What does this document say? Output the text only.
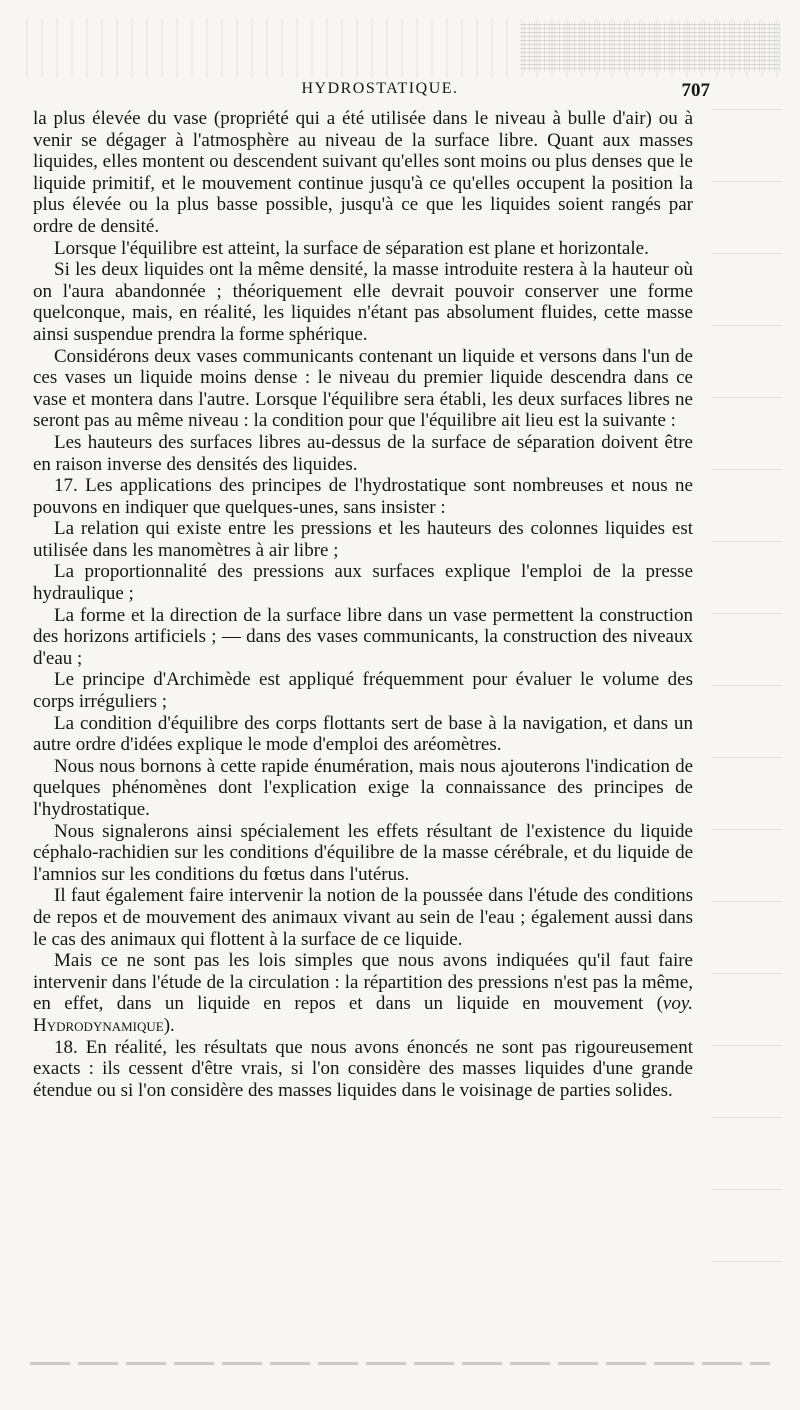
HYDROSTATIQUE.	707

la plus élevée du vase (propriété qui a été utilisée dans le niveau à bulle d'air) ou à venir se dégager à l'atmosphère au niveau de la surface libre. Quant aux masses liquides, elles montent ou descendent suivant qu'elles sont moins ou plus denses que le liquide primitif, et le mouvement continue jusqu'à ce qu'elles occupent la position la plus élevée ou la plus basse possible, jusqu'à ce que les liquides soient rangés par ordre de densité.

Lorsque l'équilibre est atteint, la surface de séparation est plane et horizontale.

Si les deux liquides ont la même densité, la masse introduite restera à la hauteur où on l'aura abandonnée ; théoriquement elle devrait pouvoir conserver une forme quelconque, mais, en réalité, les liquides n'étant pas absolument fluides, cette masse ainsi suspendue prendra la forme sphérique.

Considérons deux vases communicants contenant un liquide et versons dans l'un de ces vases un liquide moins dense : le niveau du premier liquide descendra dans ce vase et montera dans l'autre. Lorsque l'équilibre sera établi, les deux surfaces libres ne seront pas au même niveau : la condition pour que l'équilibre ait lieu est la suivante :

Les hauteurs des surfaces libres au-dessus de la surface de séparation doivent être en raison inverse des densités des liquides.

17. Les applications des principes de l'hydrostatique sont nombreuses et nous ne pouvons en indiquer que quelques-unes, sans insister :

La relation qui existe entre les pressions et les hauteurs des colonnes liquides est utilisée dans les manomètres à air libre ;

La proportionnalité des pressions aux surfaces explique l'emploi de la presse hydraulique ;

La forme et la direction de la surface libre dans un vase permettent la construction des horizons artificiels ; — dans des vases communicants, la construction des niveaux d'eau ;

Le principe d'Archimède est appliqué fréquemment pour évaluer le volume des corps irréguliers ;

La condition d'équilibre des corps flottants sert de base à la navigation, et dans un autre ordre d'idées explique le mode d'emploi des aréomètres.

Nous nous bornons à cette rapide énumération, mais nous ajouterons l'indication de quelques phénomènes dont l'explication exige la connaissance des principes de l'hydrostatique.

Nous signalerons ainsi spécialement les effets résultant de l'existence du liquide céphalo-rachidien sur les conditions d'équilibre de la masse cérébrale, et du liquide de l'amnios sur les conditions du fœtus dans l'utérus.

Il faut également faire intervenir la notion de la poussée dans l'étude des conditions de repos et de mouvement des animaux vivant au sein de l'eau ; également aussi dans le cas des animaux qui flottent à la surface de ce liquide.

Mais ce ne sont pas les lois simples que nous avons indiquées qu'il faut faire intervenir dans l'étude de la circulation : la répartition des pressions n'est pas la même, en effet, dans un liquide en repos et dans un liquide en mouvement (voy. Hydrodynamique).

18. En réalité, les résultats que nous avons énoncés ne sont pas rigoureusement exacts : ils cessent d'être vrais, si l'on considère des masses liquides d'une grande étendue ou si l'on considère des masses liquides dans le voisinage de parties solides.
